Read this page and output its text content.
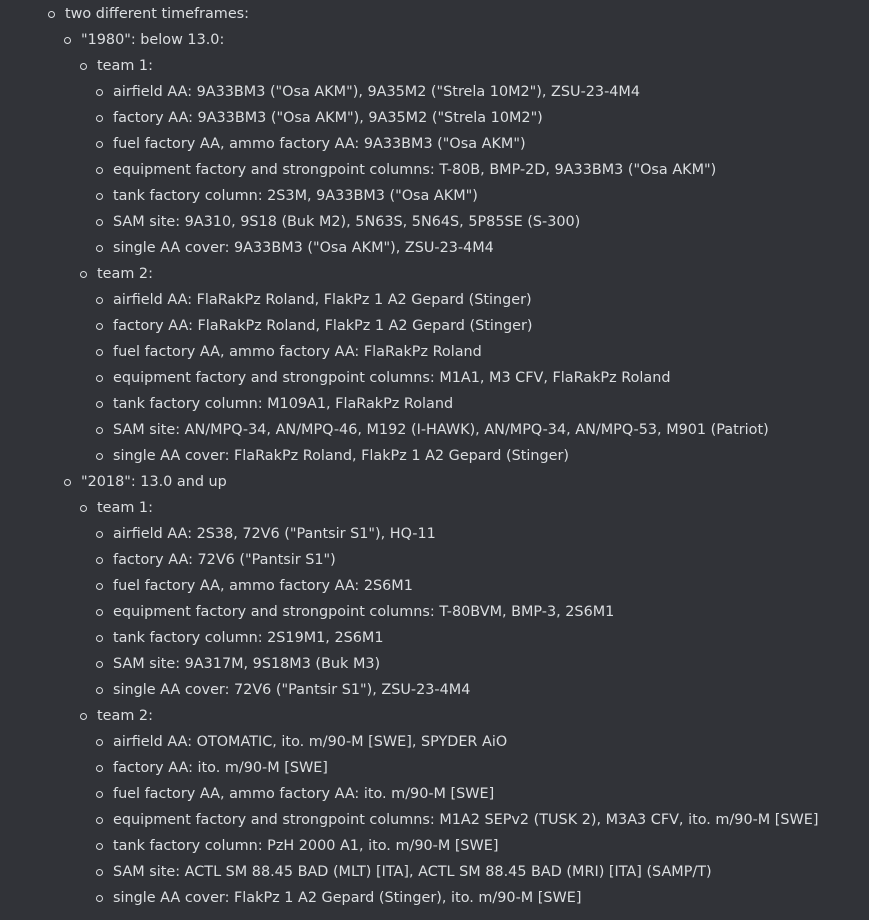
two different timeframes:
"1980": below 13.0:
team 1:
airfield AA: 9A33BM3 ("Osa AKM"), 9A35M2 ("Strela 10M2"), ZSU-23-4M4
factory AA: 9A33BM3 ("Osa AKM"), 9A35M2 ("Strela 10M2")
fuel factory AA, ammo factory AA: 9A33BM3 ("Osa AKM")
equipment factory and strongpoint columns: T-80B, BMP-2D, 9A33BM3 ("Osa AKM")
tank factory column: 2S3M, 9A33BM3 ("Osa AKM")
SAM site: 9A310, 9S18 (Buk M2), 5N63S, 5N64S, 5P85SE (S-300)
single AA cover: 9A33BM3 ("Osa AKM"), ZSU-23-4M4
team 2:
airfield AA: FlaRakPz Roland, FlakPz 1 A2 Gepard (Stinger)
factory AA: FlaRakPz Roland, FlakPz 1 A2 Gepard (Stinger)
fuel factory AA, ammo factory AA: FlaRakPz Roland
equipment factory and strongpoint columns: M1A1, M3 CFV, FlaRakPz Roland
tank factory column: M109A1, FlaRakPz Roland
SAM site: AN/MPQ-34, AN/MPQ-46, M192 (I-HAWK), AN/MPQ-34, AN/MPQ-53, M901 (Patriot)
single AA cover: FlaRakPz Roland, FlakPz 1 A2 Gepard (Stinger)
"2018": 13.0 and up
team 1:
airfield AA: 2S38, 72V6 ("Pantsir S1"), HQ-11
factory AA: 72V6 ("Pantsir S1")
fuel factory AA, ammo factory AA: 2S6M1
equipment factory and strongpoint columns: T-80BVM, BMP-3, 2S6M1
tank factory column: 2S19M1, 2S6M1
SAM site: 9A317M, 9S18M3 (Buk M3)
single AA cover: 72V6 ("Pantsir S1"), ZSU-23-4M4
team 2:
airfield AA: OTOMATIC, ito. m/90-M [SWE], SPYDER AiO
factory AA: ito. m/90-M [SWE]
fuel factory AA, ammo factory AA: ito. m/90-M [SWE]
equipment factory and strongpoint columns: M1A2 SEPv2 (TUSK 2), M3A3 CFV, ito. m/90-M [SWE]
tank factory column: PzH 2000 A1, ito. m/90-M [SWE]
SAM site: ACTL SM 88.45 BAD (MLT) [ITA], ACTL SM 88.45 BAD (MRI) [ITA] (SAMP/T)
single AA cover: FlakPz 1 A2 Gepard (Stinger), ito. m/90-M [SWE]
